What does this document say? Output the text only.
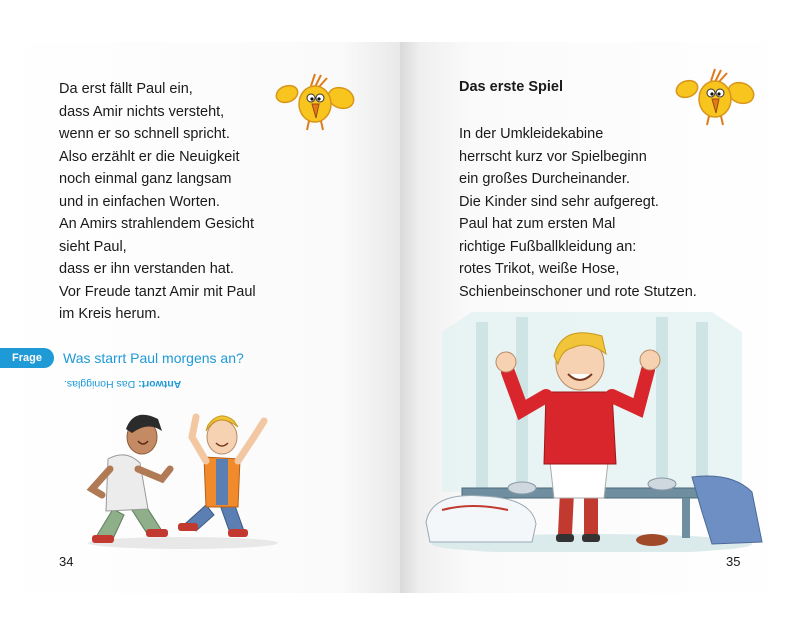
Da erst fällt Paul ein,
dass Amir nichts versteht,
wenn er so schnell spricht.
Also erzählt er die Neuigkeit
noch einmal ganz langsam
und in einfachen Worten.
An Amirs strahlendem Gesicht
sieht Paul,
dass er ihn verstanden hat.
Vor Freude tanzt Amir mit Paul
im Kreis herum.
Frage	Was starrt Paul morgens an?
Antwort: Das Honigglas.
34
Das erste Spiel
In der Umkleidekabine
herrscht kurz vor Spielbeginn
ein großes Durcheinander.
Die Kinder sind sehr aufgeregt.
Paul hat zum ersten Mal
richtige Fußballkleidung an:
rotes Trikot, weiße Hose,
Schienbeinschoner und rote Stutzen.
35
